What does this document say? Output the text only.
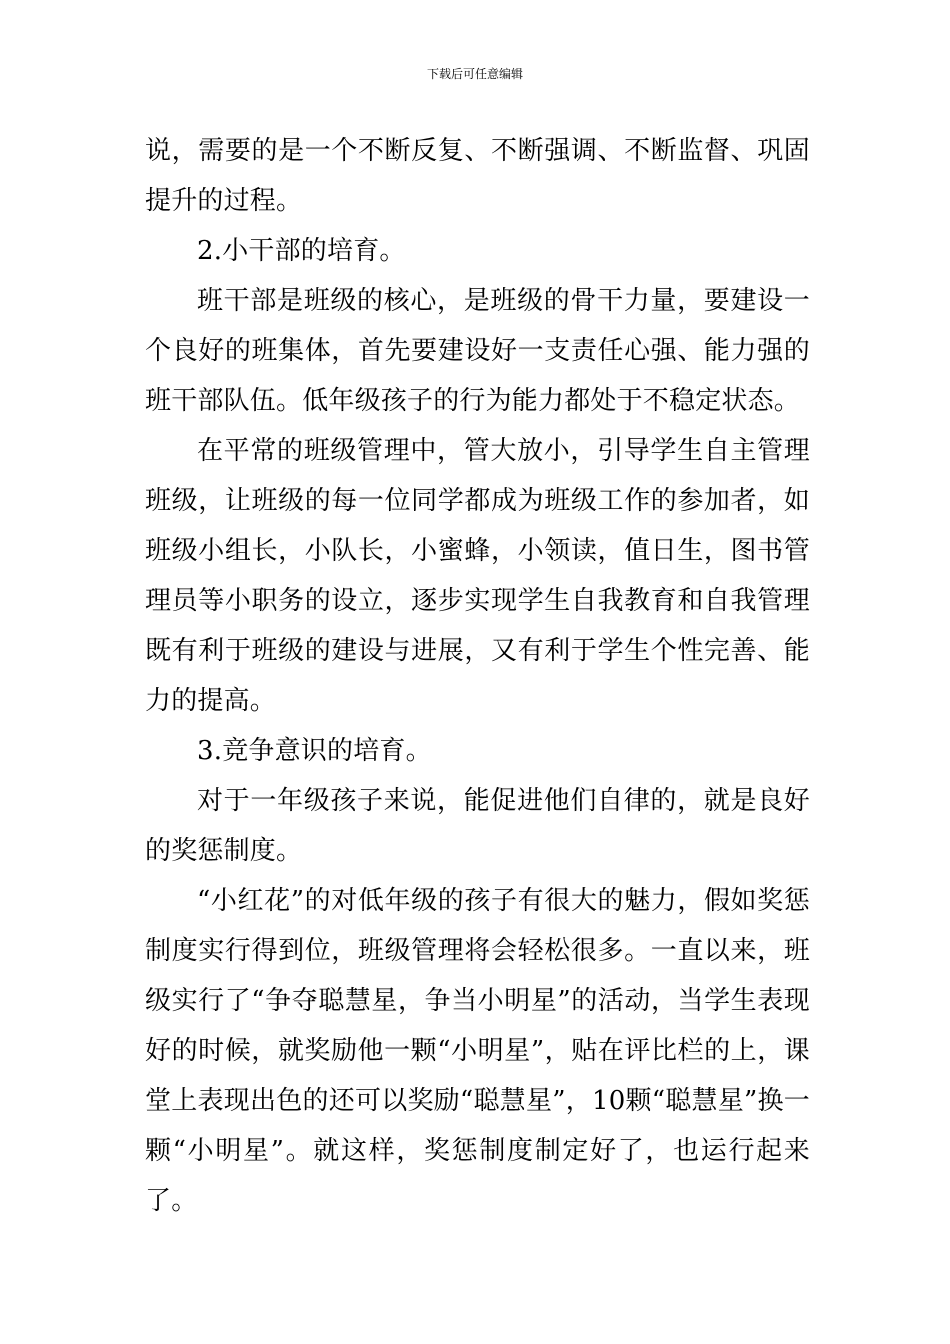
下载后可任意编辑

说，需要的是一个不断反复、不断强调、不断监督、巩固提升的过程。

2.小干部的培育。

班干部是班级的核心，是班级的骨干力量，要建设一个良好的班集体，首先要建设好一支责任心强、能力强的班干部队伍。低年级孩子的行为能力都处于不稳定状态。

在平常的班级管理中，管大放小，引导学生自主管理班级，让班级的每一位同学都成为班级工作的参加者，如班级小组长，小队长，小蜜蜂，小领读，值日生，图书管理员等小职务的设立，逐步实现学生自我教育和自我管理既有利于班级的建设与进展，又有利于学生个性完善、能力的提高。

3.竞争意识的培育。

对于一年级孩子来说，能促进他们自律的，就是良好的奖惩制度。

“小红花”的对低年级的孩子有很大的魅力，假如奖惩制度实行得到位，班级管理将会轻松很多。一直以来，班级实行了“争夺聪慧星，争当小明星”的活动，当学生表现好的时候，就奖励他一颗“小明星”，贴在评比栏的上，课堂上表现出色的还可以奖励“聪慧星”，10颗“聪慧星”换一颗“小明星”。就这样，奖惩制度制定好了，也运行起来了。
